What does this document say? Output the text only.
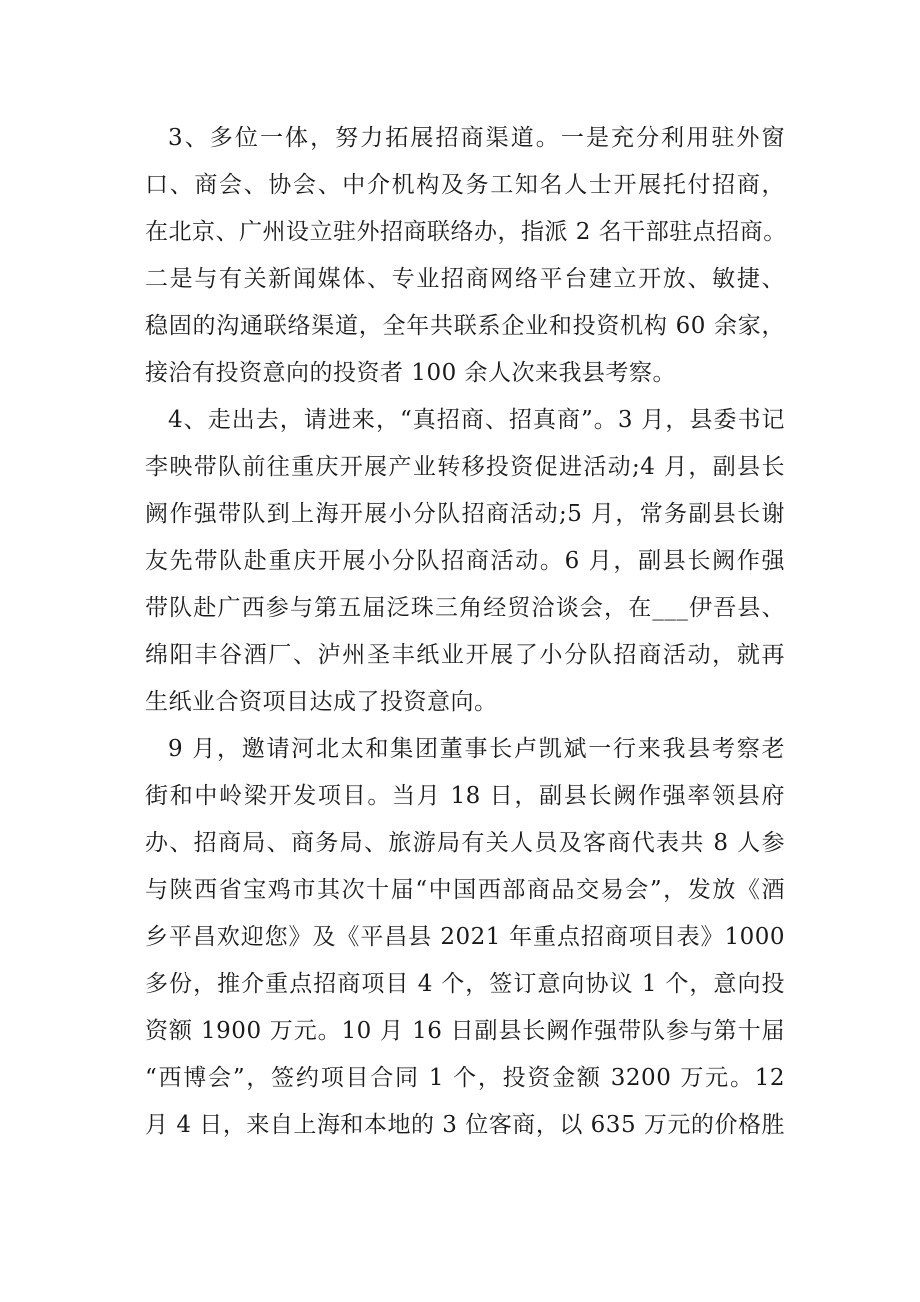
3、多位一体，努力拓展招商渠道。一是充分利用驻外窗

口、商会、协会、中介机构及务工知名人士开展托付招商，

在北京、广州设立驻外招商联络办，指派 2 名干部驻点招商。

二是与有关新闻媒体、专业招商网络平台建立开放、敏捷、

稳固的沟通联络渠道，全年共联系企业和投资机构 60 余家，

接洽有投资意向的投资者 100 余人次来我县考察。

4、走出去，请进来，“真招商、招真商”。3 月，县委书记

李映带队前往重庆开展产业转移投资促进活动;4 月，副县长

阙作强带队到上海开展小分队招商活动;5 月，常务副县长谢

友先带队赴重庆开展小分队招商活动。6 月，副县长阙作强

带队赴广西参与第五届泛珠三角经贸洽谈会，在___伊吾县、

绵阳丰谷酒厂、泸州圣丰纸业开展了小分队招商活动，就再

生纸业合资项目达成了投资意向。

9 月，邀请河北太和集团董事长卢凯斌一行来我县考察老

街和中岭梁开发项目。当月 18 日，副县长阙作强率领县府

办、招商局、商务局、旅游局有关人员及客商代表共 8 人参

与陕西省宝鸡市其次十届“中国西部商品交易会”，发放《酒

乡平昌欢迎您》及《平昌县 2021 年重点招商项目表》1000

多份，推介重点招商项目 4 个，签订意向协议 1 个，意向投

资额 1900 万元。10 月 16 日副县长阙作强带队参与第十届

“西博会”，签约项目合同 1 个，投资金额 3200 万元。12

月 4 日，来自上海和本地的 3 位客商，以 635 万元的价格胜
